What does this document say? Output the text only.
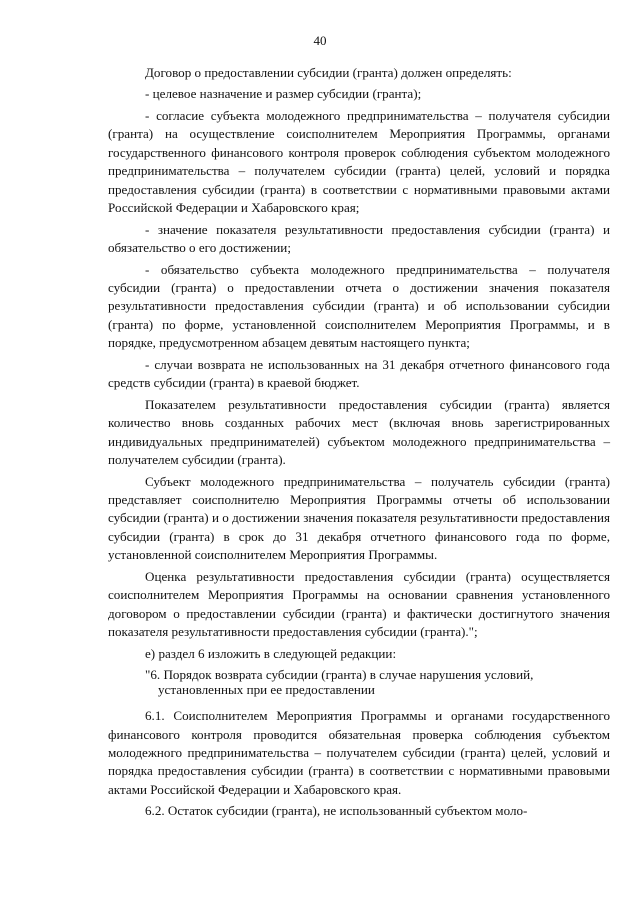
40

Договор о предоставлении субсидии (гранта) должен определять:

- целевое назначение и размер субсидии (гранта);

- согласие субъекта молодежного предпринимательства – получателя субсидии (гранта) на осуществление соисполнителем Мероприятия Программы, органами государственного финансового контроля проверок соблюдения субъектом молодежного предпринимательства – получателем субсидии (гранта) целей, условий и порядка предоставления субсидии (гранта) в соответствии с нормативными правовыми актами Российской Федерации и Хабаровского края;

- значение показателя результативности предоставления субсидии (гранта) и обязательство о его достижении;

- обязательство субъекта молодежного предпринимательства – получателя субсидии (гранта) о предоставлении отчета о достижении значения показателя результативности предоставления субсидии (гранта) и об использовании субсидии (гранта) по форме, установленной соисполнителем Мероприятия Программы, и в порядке, предусмотренном абзацем девятым настоящего пункта;

- случаи возврата не использованных на 31 декабря отчетного финансового года средств субсидии (гранта) в краевой бюджет.

Показателем результативности предоставления субсидии (гранта) является количество вновь созданных рабочих мест (включая вновь зарегистрированных индивидуальных предпринимателей) субъектом молодежного предпринимательства – получателем субсидии (гранта).

Субъект молодежного предпринимательства – получатель субсидии (гранта) представляет соисполнителю Мероприятия Программы отчеты об использовании субсидии (гранта) и о достижении значения показателя результативности предоставления субсидии (гранта) в срок до 31 декабря отчетного финансового года по форме, установленной соисполнителем Мероприятия Программы.

Оценка результативности предоставления субсидии (гранта) осуществляется соисполнителем Мероприятия Программы на основании сравнения установленного договором о предоставлении субсидии (гранта) и фактически достигнутого значения показателя результативности предоставления субсидии (гранта).";

е) раздел 6 изложить в следующей редакции:

"6. Порядок возврата субсидии (гранта) в случае нарушения условий,
установленных при ее предоставлении

6.1. Соисполнителем Мероприятия Программы и органами государственного финансового контроля проводится обязательная проверка соблюдения субъектом молодежного предпринимательства – получателем субсидии (гранта) целей, условий и порядка предоставления субсидии (гранта) в соответствии с нормативными правовыми актами Российской Федерации и Хабаровского края.

6.2. Остаток субсидии (гранта), не использованный субъектом моло-
